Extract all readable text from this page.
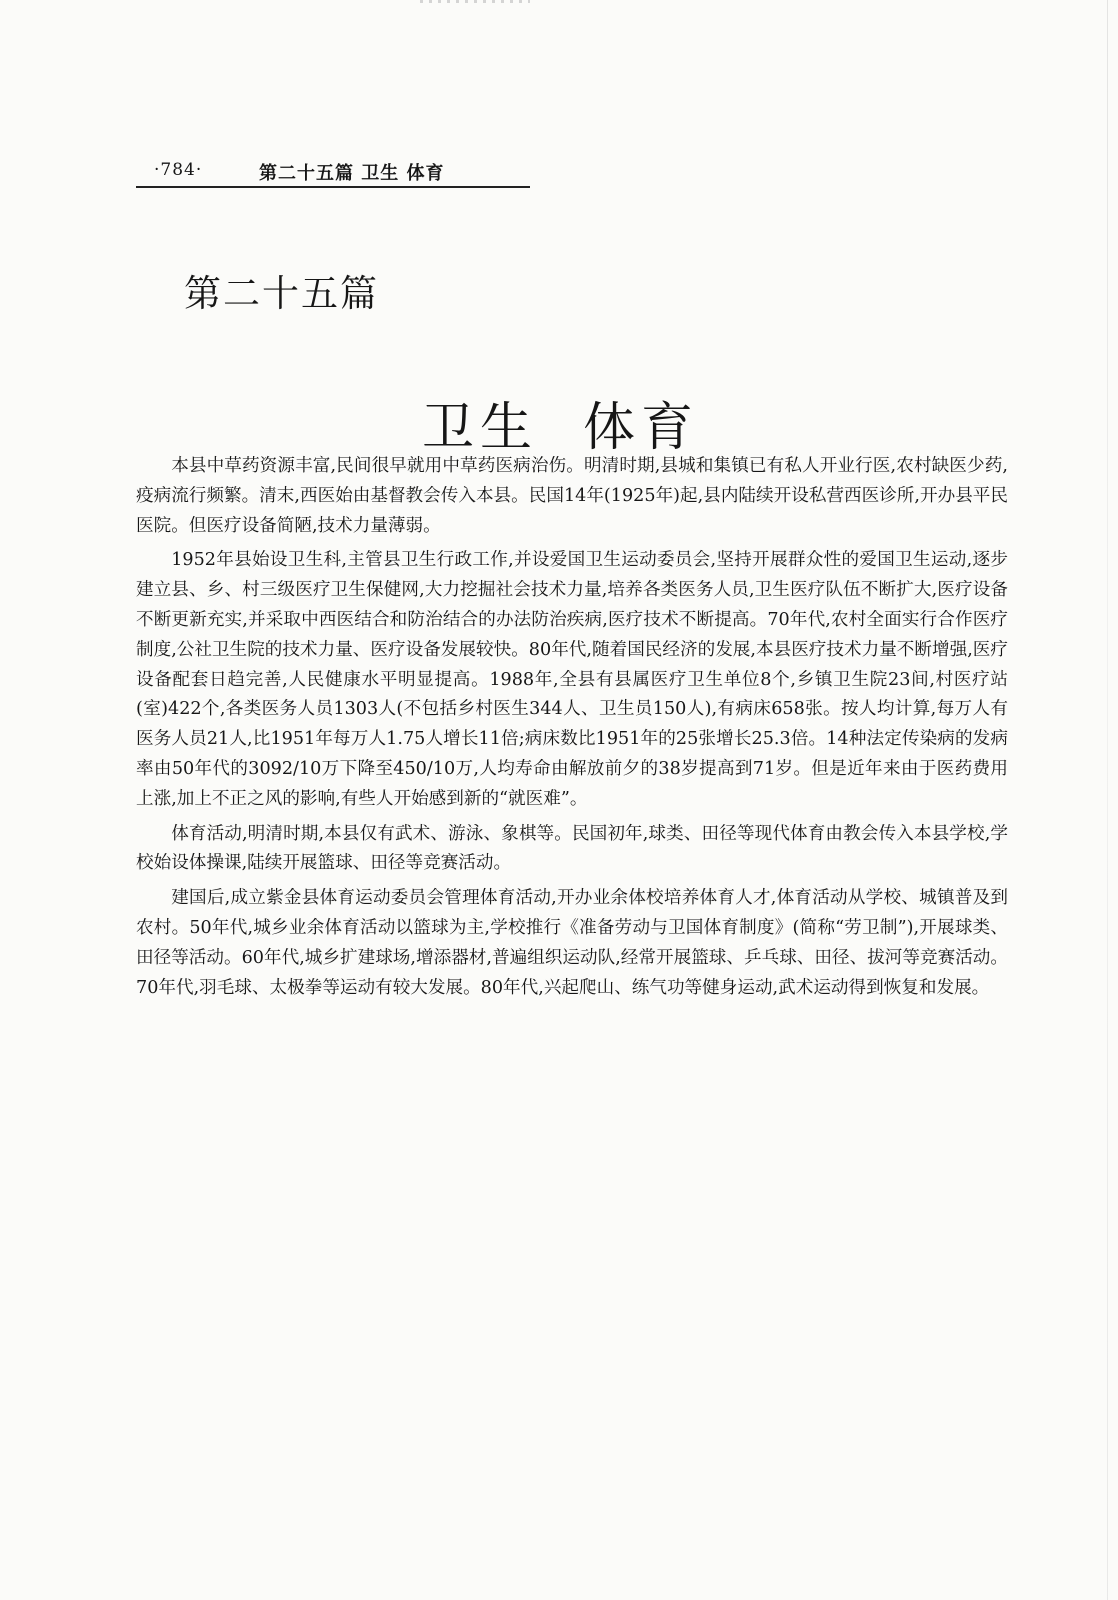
·784·	第二十五篇 卫生 体育
第二十五篇
卫生  体育

本县中草药资源丰富,民间很早就用中草药医病治伤。明清时期,县城和集镇已有私人开业行医,农村缺医少药,疫病流行频繁。清末,西医始由基督教会传入本县。民国14年(1925年)起,县内陆续开设私营西医诊所,开办县平民医院。但医疗设备简陋,技术力量薄弱。

1952年县始设卫生科,主管县卫生行政工作,并设爱国卫生运动委员会,坚持开展群众性的爱国卫生运动,逐步建立县、乡、村三级医疗卫生保健网,大力挖掘社会技术力量,培养各类医务人员,卫生医疗队伍不断扩大,医疗设备不断更新充实,并采取中西医结合和防治结合的办法防治疾病,医疗技术不断提高。70年代,农村全面实行合作医疗制度,公社卫生院的技术力量、医疗设备发展较快。80年代,随着国民经济的发展,本县医疗技术力量不断增强,医疗设备配套日趋完善,人民健康水平明显提高。1988年,全县有县属医疗卫生单位8个,乡镇卫生院23间,村医疗站(室)422个,各类医务人员1303人(不包括乡村医生344人、卫生员150人),有病床658张。按人均计算,每万人有医务人员21人,比1951年每万人1.75人增长11倍;病床数比1951年的25张增长25.3倍。14种法定传染病的发病率由50年代的3092/10万下降至450/10万,人均寿命由解放前夕的38岁提高到71岁。但是近年来由于医药费用上涨,加上不正之风的影响,有些人开始感到新的“就医难”。

体育活动,明清时期,本县仅有武术、游泳、象棋等。民国初年,球类、田径等现代体育由教会传入本县学校,学校始设体操课,陆续开展篮球、田径等竞赛活动。

建国后,成立紫金县体育运动委员会管理体育活动,开办业余体校培养体育人才,体育活动从学校、城镇普及到农村。50年代,城乡业余体育活动以篮球为主,学校推行《准备劳动与卫国体育制度》(简称“劳卫制”),开展球类、田径等活动。60年代,城乡扩建球场,增添器材,普遍组织运动队,经常开展篮球、乒乓球、田径、拔河等竞赛活动。70年代,羽毛球、太极拳等运动有较大发展。80年代,兴起爬山、练气功等健身运动,武术运动得到恢复和发展。
